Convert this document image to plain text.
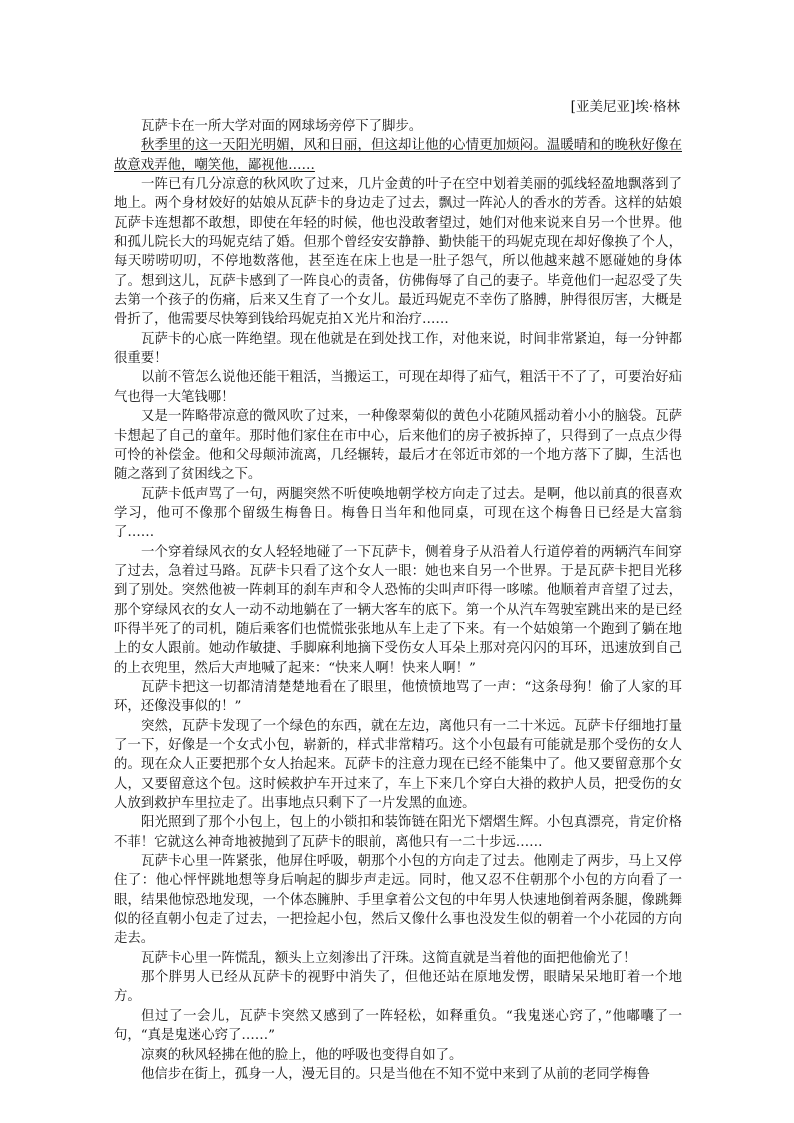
[亚美尼亚]埃·格林

瓦萨卡在一所大学对面的网球场旁停下了脚步。

秋季里的这一天阳光明媚，风和日丽，但这却让他的心情更加烦闷。温暖晴和的晚秋好像在故意戏弄他，嘲笑他，鄙视他……

一阵已有几分凉意的秋风吹了过来，几片金黄的叶子在空中划着美丽的弧线轻盈地飘落到了地上。两个身材姣好的姑娘从瓦萨卡的身边走了过去，飘过一阵沁人的香水的芳香。这样的姑娘瓦萨卡连想都不敢想，即使在年轻的时候，他也没敢奢望过，她们对他来说来自另一个世界。他和孤儿院长大的玛妮克结了婚。但那个曾经安安静静、勤快能干的玛妮克现在却好像换了个人，每天唠唠叨叨，不停地数落他，甚至连在床上也是一肚子怨气，所以他越来越不愿碰她的身体了。想到这儿，瓦萨卡感到了一阵良心的责备，仿佛侮辱了自己的妻子。毕竟他们一起忍受了失去第一个孩子的伤痛，后来又生育了一个女儿。最近玛妮克不幸伤了胳膊，肿得很厉害，大概是骨折了，他需要尽快筹到钱给玛妮克拍Ｘ光片和治疗……

瓦萨卡的心底一阵绝望。现在他就是在到处找工作，对他来说，时间非常紧迫，每一分钟都很重要！

以前不管怎么说他还能干粗活，当搬运工，可现在却得了疝气，粗活干不了了，可要治好疝气也得一大笔钱哪！

又是一阵略带凉意的微风吹了过来，一种像翠菊似的黄色小花随风摇动着小小的脑袋。瓦萨卡想起了自己的童年。那时他们家住在市中心，后来他们的房子被拆掉了，只得到了一点点少得可怜的补偿金。他和父母颠沛流离，几经辗转，最后才在邻近市郊的一个地方落下了脚，生活也随之落到了贫困线之下。

瓦萨卡低声骂了一句，两腿突然不听使唤地朝学校方向走了过去。是啊，他以前真的很喜欢学习，他可不像那个留级生梅鲁日。梅鲁日当年和他同桌，可现在这个梅鲁日已经是大富翁了……

一个穿着绿风衣的女人轻轻地碰了一下瓦萨卡，侧着身子从沿着人行道停着的两辆汽车间穿了过去，急着过马路。瓦萨卡只看了这个女人一眼：她也来自另一个世界。于是瓦萨卡把目光移到了别处。突然他被一阵刺耳的刹车声和令人恐怖的尖叫声吓得一哆嗦。他顺着声音望了过去，那个穿绿风衣的女人一动不动地躺在了一辆大客车的底下。第一个从汽车驾驶室跳出来的是已经吓得半死了的司机，随后乘客们也慌慌张张地从车上走了下来。有一个姑娘第一个跑到了躺在地上的女人跟前。她动作敏捷、手脚麻利地摘下受伤女人耳朵上那对亮闪闪的耳环，迅速放到自己的上衣兜里，然后大声地喊了起来：“快来人啊！快来人啊！”

瓦萨卡把这一切都清清楚楚地看在了眼里，他愤愤地骂了一声：“这条母狗！偷了人家的耳环，还像没事似的！”

突然，瓦萨卡发现了一个绿色的东西，就在左边，离他只有一二十米远。瓦萨卡仔细地打量了一下，好像是一个女式小包，崭新的，样式非常精巧。这个小包最有可能就是那个受伤的女人的。现在众人正要把那个女人抬起来。瓦萨卡的注意力现在已经不能集中了。他又要留意那个女人，又要留意这个包。这时候救护车开过来了，车上下来几个穿白大褂的救护人员，把受伤的女人放到救护车里拉走了。出事地点只剩下了一片发黑的血迹。

阳光照到了那个小包上，包上的小锁扣和装饰链在阳光下熠熠生辉。小包真漂亮，肯定价格不菲！它就这么神奇地被抛到了瓦萨卡的眼前，离他只有一二十步远……

瓦萨卡心里一阵紧张，他屏住呼吸，朝那个小包的方向走了过去。他刚走了两步，马上又停住了：他心怦怦跳地想等身后响起的脚步声走远。同时，他又忍不住朝那个小包的方向看了一眼，结果他惊恐地发现，一个体态臃肿、手里拿着公文包的中年男人快速地倒着两条腿，像跳舞似的径直朝小包走了过去，一把捡起小包，然后又像什么事也没发生似的朝着一个小花园的方向走去。

瓦萨卡心里一阵慌乱，额头上立刻渗出了汗珠。这简直就是当着他的面把他偷光了！

那个胖男人已经从瓦萨卡的视野中消失了，但他还站在原地发愣，眼睛呆呆地盯着一个地方。

但过了一会儿，瓦萨卡突然又感到了一阵轻松，如释重负。“我鬼迷心窍了，”他嘟囔了一句，“真是鬼迷心窍了……”

凉爽的秋风轻拂在他的脸上，他的呼吸也变得自如了。

他信步在街上，孤身一人，漫无目的。只是当他在不知不觉中来到了从前的老同学梅鲁
